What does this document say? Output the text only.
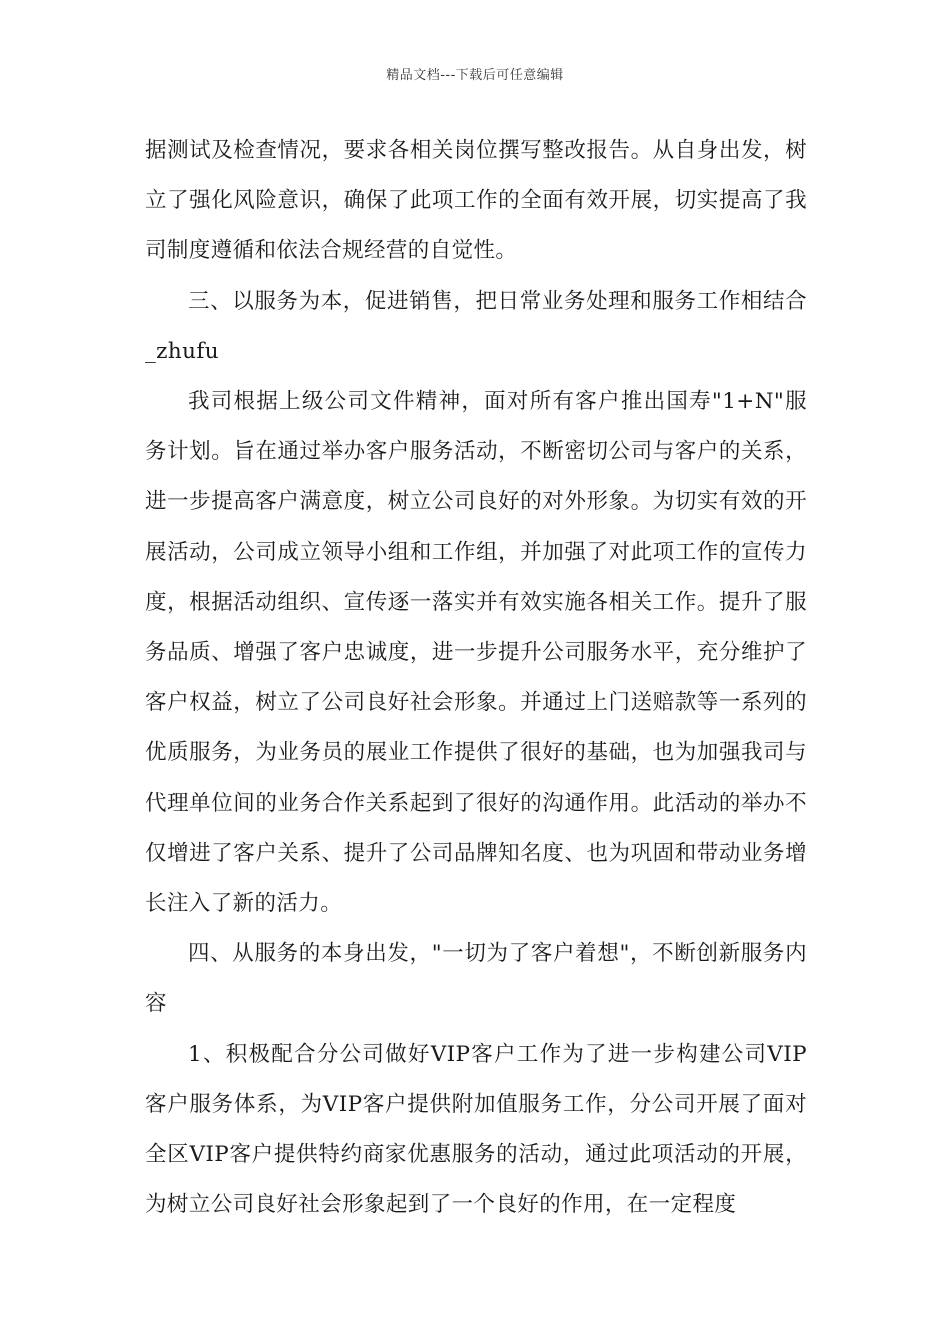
精品文档---下载后可任意编辑

据测试及检查情况，要求各相关岗位撰写整改报告。从自身出发，树立了强化风险意识，确保了此项工作的全面有效开展，切实提高了我司制度遵循和依法合规经营的自觉性。

三、以服务为本，促进销售，把日常业务处理和服务工作相结合_zhufu

我司根据上级公司文件精神，面对所有客户推出国寿"1+N"服务计划。旨在通过举办客户服务活动，不断密切公司与客户的关系，进一步提高客户满意度，树立公司良好的对外形象。为切实有效的开展活动，公司成立领导小组和工作组，并加强了对此项工作的宣传力度，根据活动组织、宣传逐一落实并有效实施各相关工作。提升了服务品质、增强了客户忠诚度，进一步提升公司服务水平，充分维护了客户权益，树立了公司良好社会形象。并通过上门送赔款等一系列的优质服务，为业务员的展业工作提供了很好的基础，也为加强我司与代理单位间的业务合作关系起到了很好的沟通作用。此活动的举办不仅增进了客户关系、提升了公司品牌知名度、也为巩固和带动业务增长注入了新的活力。

四、从服务的本身出发，"一切为了客户着想"，不断创新服务内容

1、积极配合分公司做好VIP客户工作为了进一步构建公司VIP客户服务体系，为VIP客户提供附加值服务工作，分公司开展了面对全区VIP客户提供特约商家优惠服务的活动，通过此项活动的开展，为树立公司良好社会形象起到了一个良好的作用，在一定程度
